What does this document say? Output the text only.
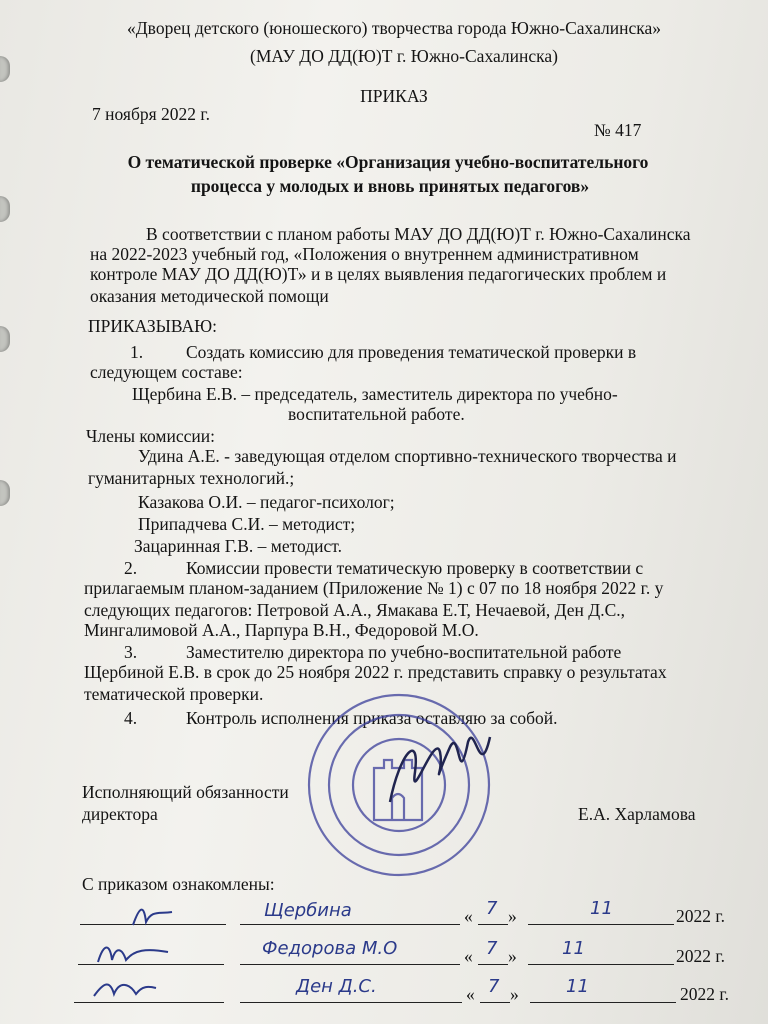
«Дворец детского (юношеского) творчества города Южно-Сахалинска»
(МАУ ДО ДД(Ю)Т г. Южно-Сахалинска)
ПРИКАЗ
7 ноября 2022 г.
№ 417
О тематической проверке «Организация учебно-воспитательного
процесса у молодых и вновь принятых педагогов»
В соответствии с планом работы МАУ ДО ДД(Ю)Т г. Южно-Сахалинска
на 2022-2023 учебный год, «Положения о внутреннем административном
контроле МАУ ДО ДД(Ю)Т» и в целях выявления педагогических проблем и
оказания методической помощи
ПРИКАЗЫВАЮ:
1. Создать комиссию для проведения тематической проверки в
следующем составе:
Щербина Е.В. – председатель, заместитель директора по учебно-
воспитательной работе.
Члены комиссии:
Удина А.Е. - заведующая отделом спортивно-технического творчества и
гуманитарных технологий.;
Казакова О.И. – педагог-психолог;
Припадчева С.И. – методист;
Зацаринная Г.В. – методист.
2.	Комиссии провести тематическую проверку в соответствии с
прилагаемым планом-заданием (Приложение № 1) с 07 по 18 ноября 2022 г. у
следующих педагогов: Петровой А.А., Ямакава Е.Т, Нечаевой, Ден Д.С.,
Мингалимовой А.А., Парпура В.Н., Федоровой М.О.
3.	Заместителю директора по учебно-воспитательной работе
Щербиной Е.В. в срок до 25 ноября 2022 г. представить справку о результатах
тематической проверки.
4.	Контроль исполнения приказа оставляю за собой.
Исполняющий обязанности
директора	Е.А. Харламова
С приказом ознакомлены:
Щербина	« 7 »	11	2022 г.
Федорова М.О	« 7 »	11	2022 г.
Ден Д.С.	« 7 »	11	2022 г.
